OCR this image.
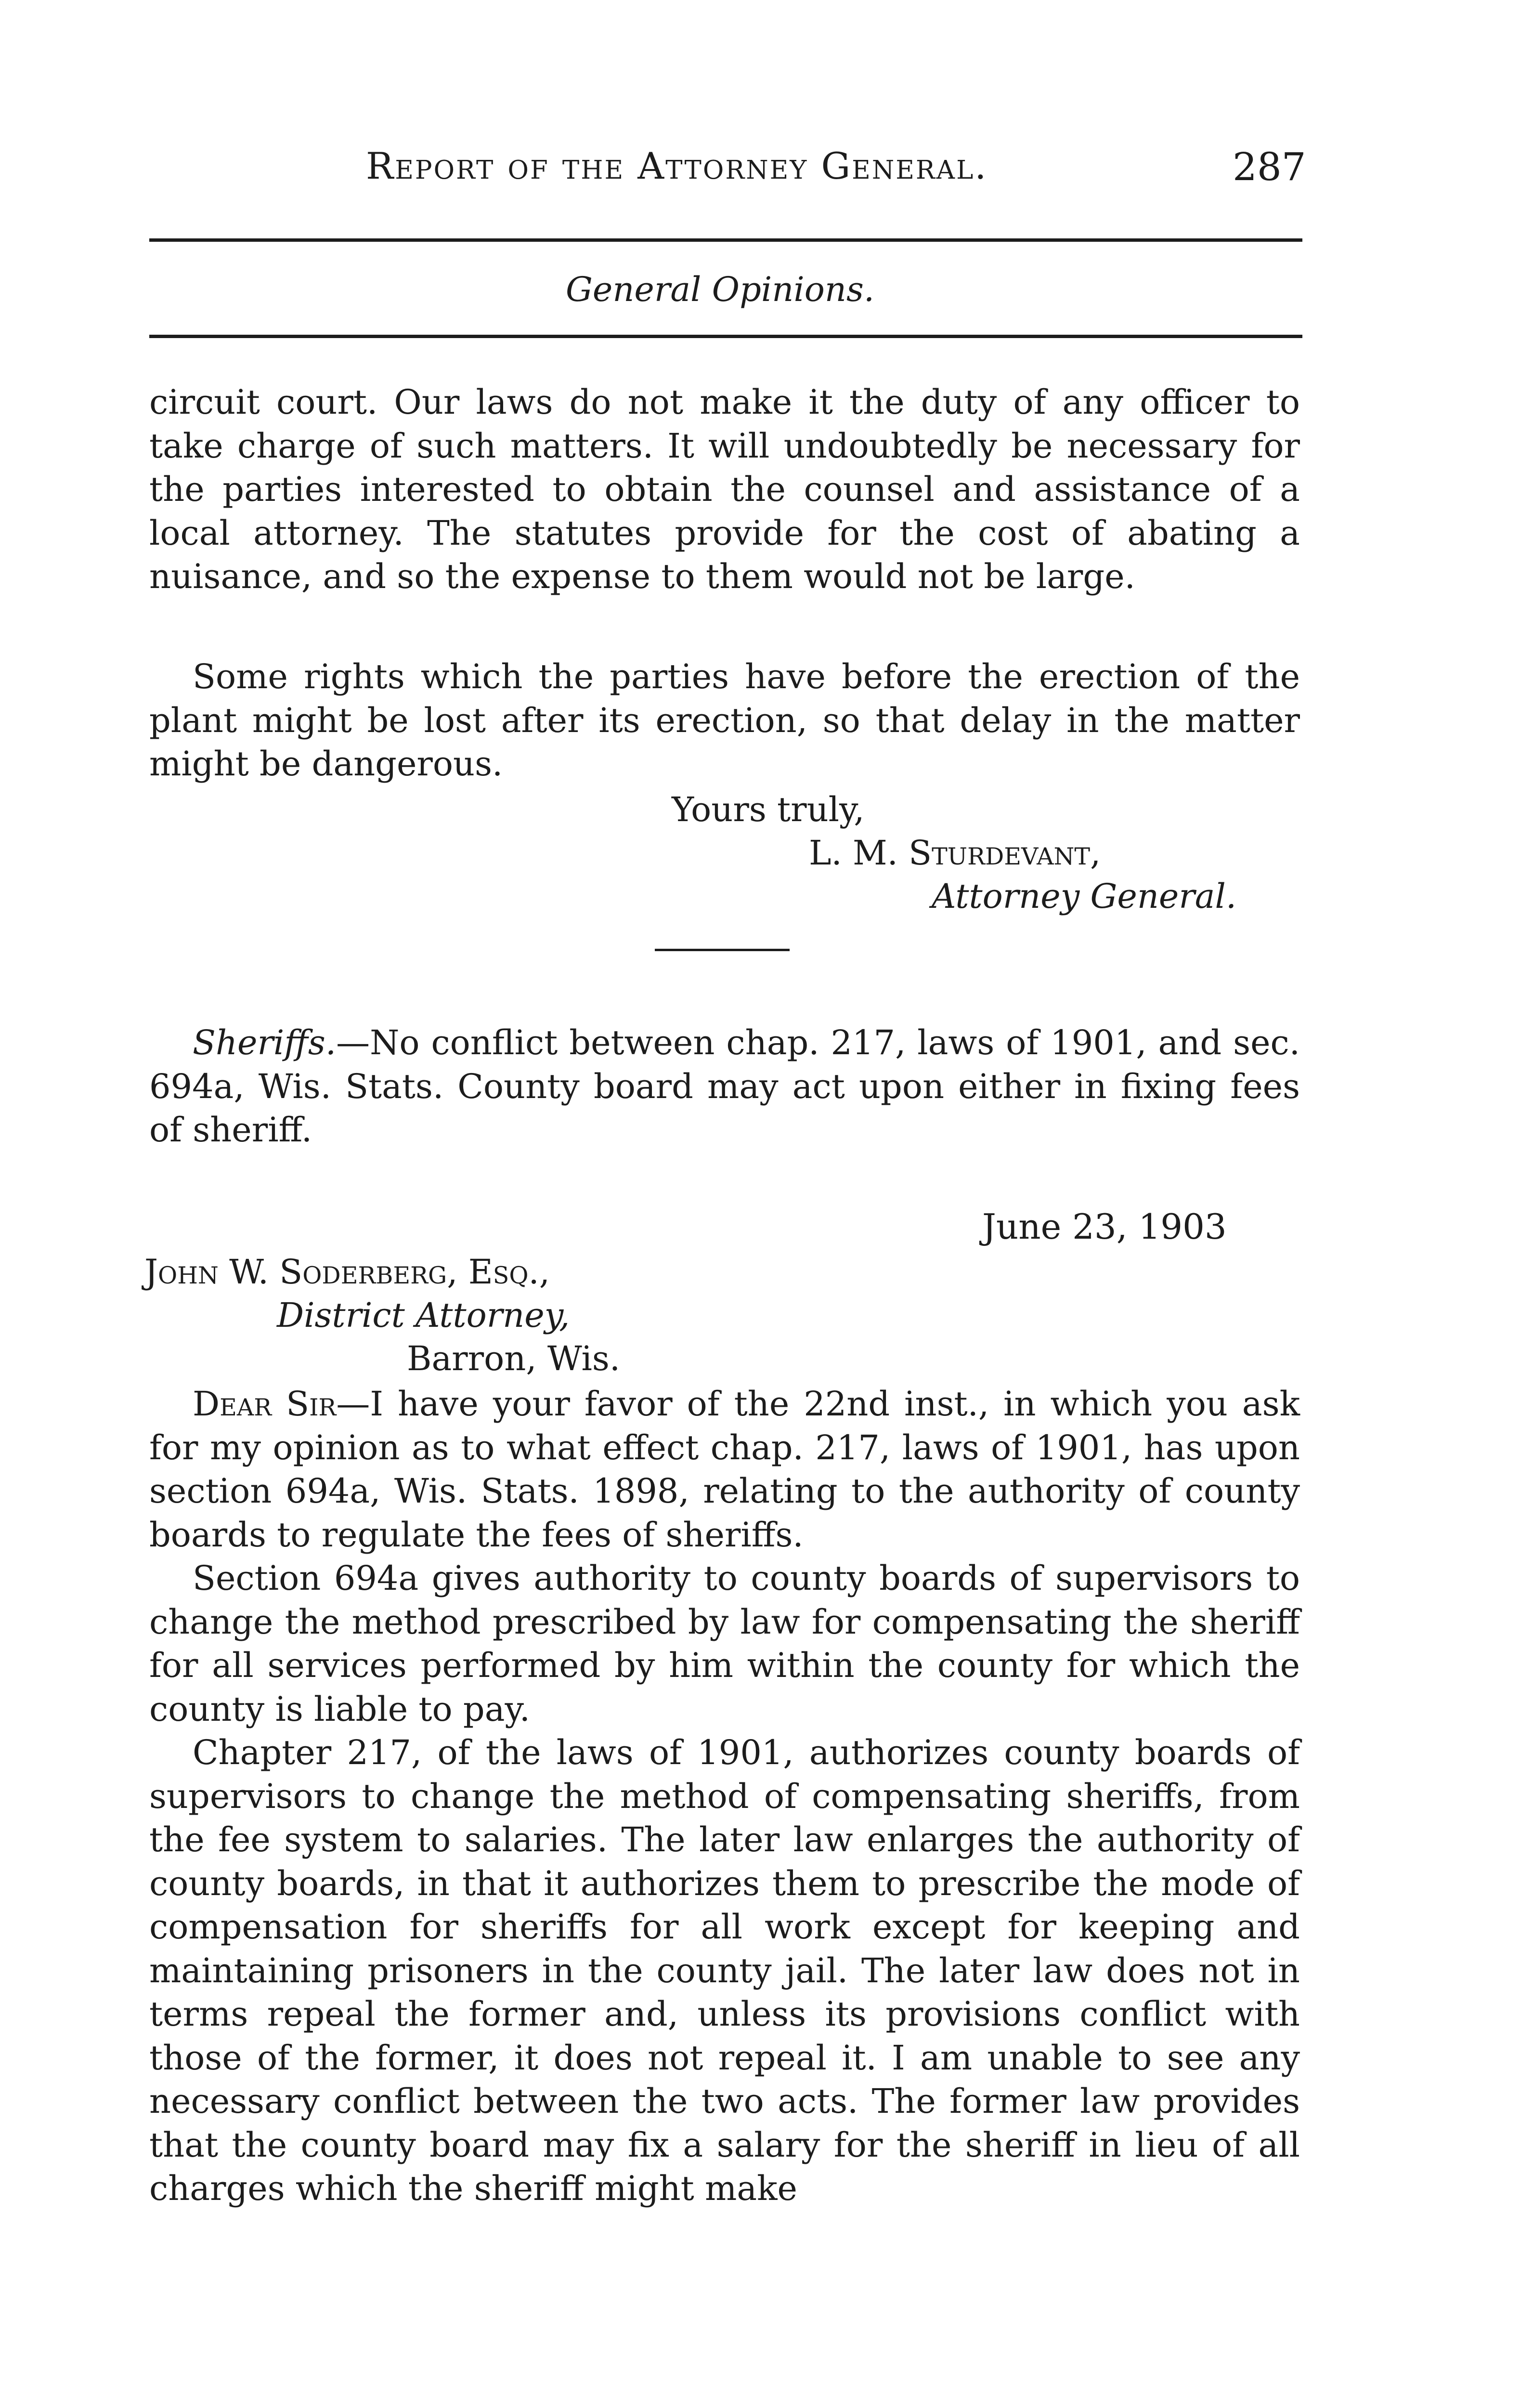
Report of the Attorney General.	287
General Opinions.
circuit court. Our laws do not make it the duty of any officer to take charge of such matters. It will undoubtedly be necessary for the parties interested to obtain the counsel and assistance of a local attorney. The statutes provide for the cost of abating a nuisance, and so the expense to them would not be large.
Some rights which the parties have before the erection of the plant might be lost after its erection, so that delay in the matter might be dangerous.
Yours truly,
L. M. Sturdevant,
Attorney General.
Sheriffs.—No conflict between chap. 217, laws of 1901, and sec. 694a, Wis. Stats. County board may act upon either in fixing fees of sheriff.
June 23, 1903
John W. Soderberg, Esq.,
District Attorney,
Barron, Wis.

Dear Sir—I have your favor of the 22nd inst., in which you ask for my opinion as to what effect chap. 217, laws of 1901, has upon section 694a, Wis. Stats. 1898, relating to the authority of county boards to regulate the fees of sheriffs.

Section 694a gives authority to county boards of supervisors to change the method prescribed by law for compensating the sheriff for all services performed by him within the county for which the county is liable to pay.

Chapter 217, of the laws of 1901, authorizes county boards of supervisors to change the method of compensating sheriffs, from the fee system to salaries. The later law enlarges the authority of county boards, in that it authorizes them to prescribe the mode of compensation for sheriffs for all work except for keeping and maintaining prisoners in the county jail. The later law does not in terms repeal the former and, unless its provisions conflict with those of the former, it does not repeal it. I am unable to see any necessary conflict between the two acts. The former law provides that the county board may fix a salary for the sheriff in lieu of all charges which the sheriff might make
